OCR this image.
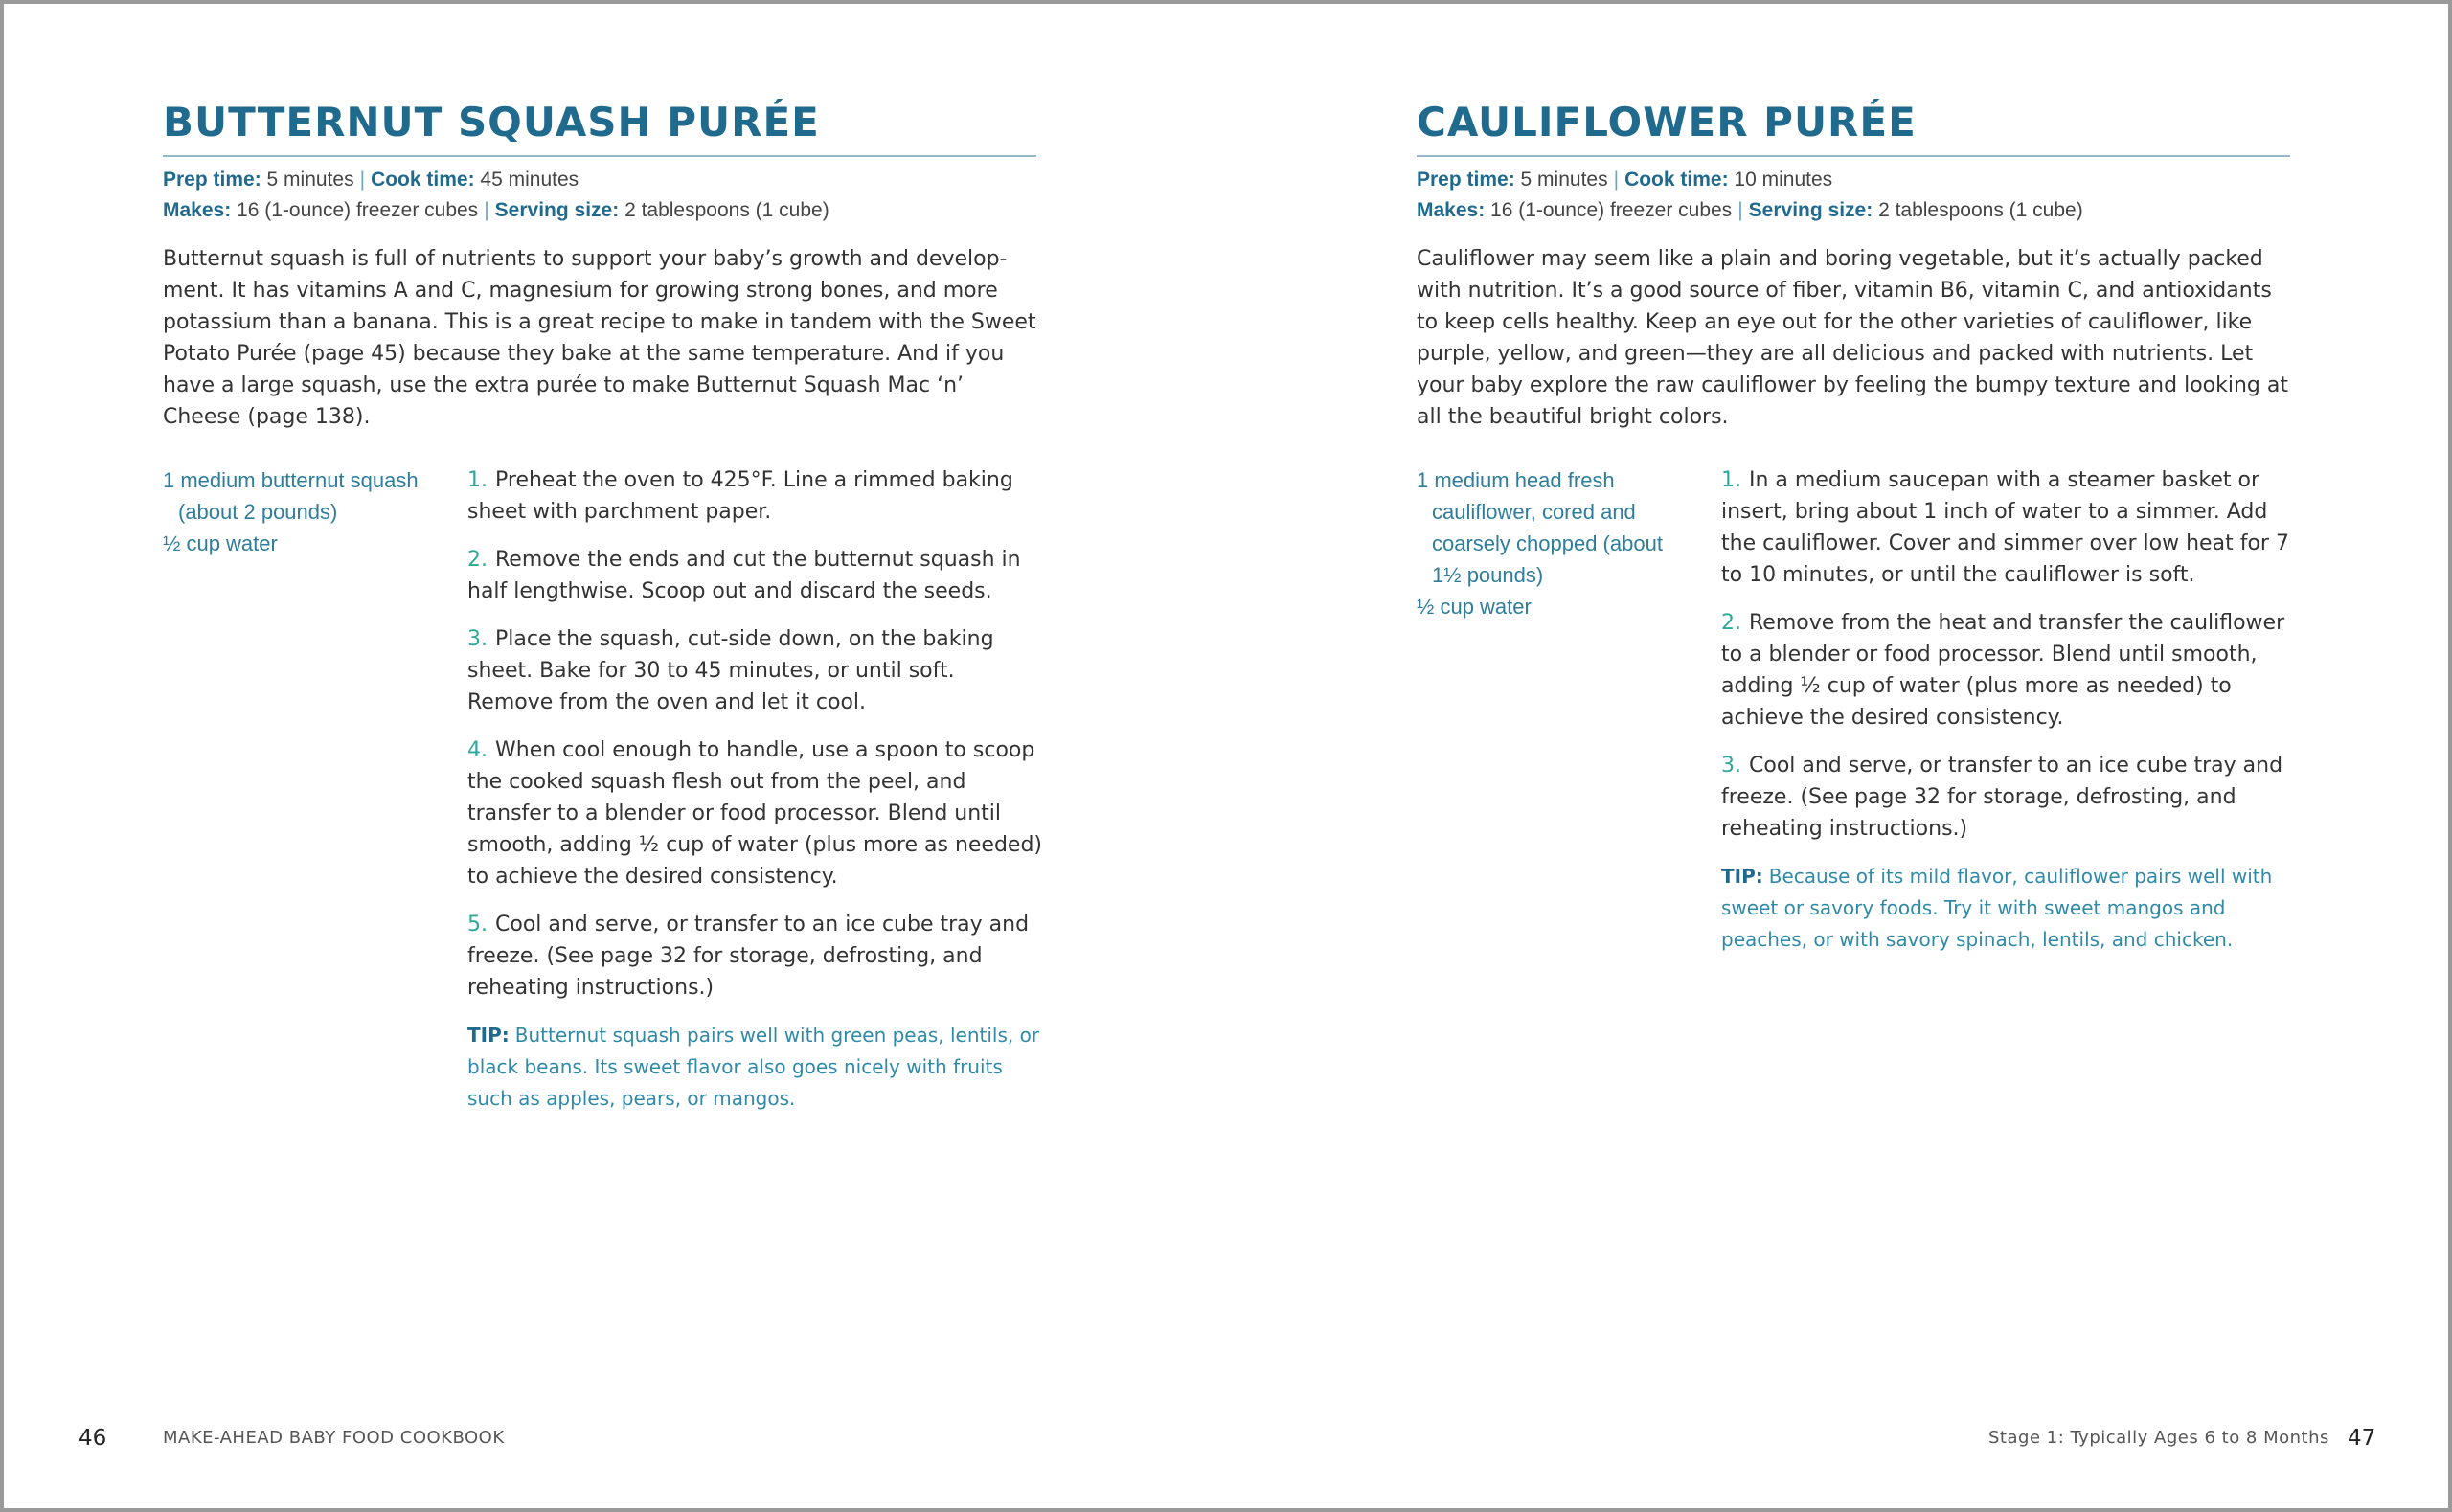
BUTTERNUT SQUASH PURÉE
Prep time: 5 minutes | Cook time: 45 minutes
Makes: 16 (1-ounce) freezer cubes | Serving size: 2 tablespoons (1 cube)

Butternut squash is full of nutrients to support your baby’s growth and develop-ment. It has vitamins A and C, magnesium for growing strong bones, and more potassium than a banana. This is a great recipe to make in tandem with the Sweet Potato Purée (page 45) because they bake at the same temperature. And if you have a large squash, use the extra purée to make Butternut Squash Mac ‘n’ Cheese (page 138).

1 medium butternut squash (about 2 pounds)
½ cup water
1. Preheat the oven to 425°F. Line a rimmed baking sheet with parchment paper.
2. Remove the ends and cut the butternut squash in half lengthwise. Scoop out and discard the seeds.
3. Place the squash, cut-side down, on the baking sheet. Bake for 30 to 45 minutes, or until soft. Remove from the oven and let it cool.
4. When cool enough to handle, use a spoon to scoop the cooked squash flesh out from the peel, and transfer to a blender or food processor. Blend until smooth, adding ½ cup of water (plus more as needed) to achieve the desired consistency.
5. Cool and serve, or transfer to an ice cube tray and freeze. (See page 32 for storage, defrosting, and reheating instructions.)

TIP: Butternut squash pairs well with green peas, lentils, or black beans. Its sweet flavor also goes nicely with fruits such as apples, pears, or mangos.

CAULIFLOWER PURÉE
Prep time: 5 minutes | Cook time: 10 minutes
Makes: 16 (1-ounce) freezer cubes | Serving size: 2 tablespoons (1 cube)

Cauliflower may seem like a plain and boring vegetable, but it’s actually packed with nutrition. It’s a good source of fiber, vitamin B6, vitamin C, and antioxidants to keep cells healthy. Keep an eye out for the other varieties of cauliflower, like purple, yellow, and green—they are all delicious and packed with nutrients. Let your baby explore the raw cauliflower by feeling the bumpy texture and looking at all the beautiful bright colors.

1 medium head fresh cauliflower, cored and coarsely chopped (about 1½ pounds)
½ cup water
1. In a medium saucepan with a steamer basket or insert, bring about 1 inch of water to a simmer. Add the cauliflower. Cover and simmer over low heat for 7 to 10 minutes, or until the cauliflower is soft.
2. Remove from the heat and transfer the cauliflower to a blender or food processor. Blend until smooth, adding ½ cup of water (plus more as needed) to achieve the desired consistency.
3. Cool and serve, or transfer to an ice cube tray and freeze. (See page 32 for storage, defrosting, and reheating instructions.)

TIP: Because of its mild flavor, cauliflower pairs well with sweet or savory foods. Try it with sweet mangos and peaches, or with savory spinach, lentils, and chicken.

46	MAKE-AHEAD BABY FOOD COOKBOOK	Stage 1: Typically Ages 6 to 8 Months 47
